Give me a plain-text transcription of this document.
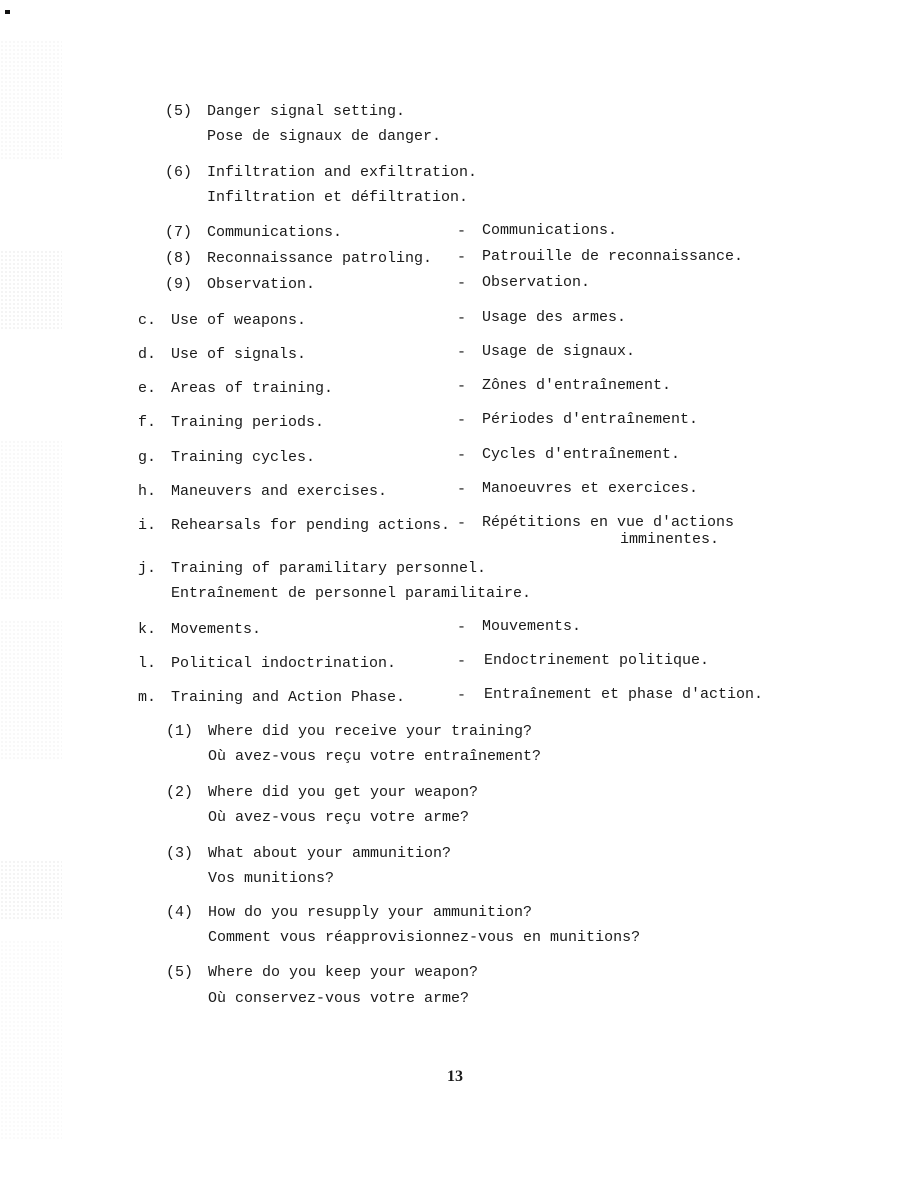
(5) Danger signal setting.
Pose de signaux de danger.
(6) Infiltration and exfiltration.
Infiltration et défiltration.
(7) Communications.	- Communications.
(8) Reconnaissance patroling. - Patrouille de reconnaissance.
(9) Observation.	- Observation.
c. Use of weapons.	- Usage des armes.
d. Use of signals.	- Usage de signaux.
e. Areas of training.	- Zônes d'entraînement.
f. Training periods.	- Périodes d'entraînement.
g. Training cycles.	- Cycles d'entraînement.
h. Maneuvers and exercises.	- Manoeuvres et exercices.
i. Rehearsals for pending actions. - Répétitions en vue d'actions
imminentes.
j. Training of paramilitary personnel.
Entraînement de personnel paramilitaire.
k. Movements.	- Mouvements.
l. Political indoctrination.	- Endoctrinement politique.
m. Training and Action Phase.	- Entraînement et phase d'action.
(1) Where did you receive your training?
Où avez-vous reçu votre entraînement?
(2) Where did you get your weapon?
Où avez-vous reçu votre arme?
(3) What about your ammunition?
Vos munitions?
(4) How do you resupply your ammunition?
Comment vous réapprovisionnez-vous en munitions?
(5) Where do you keep your weapon?
Où conservez-vous votre arme?
13
